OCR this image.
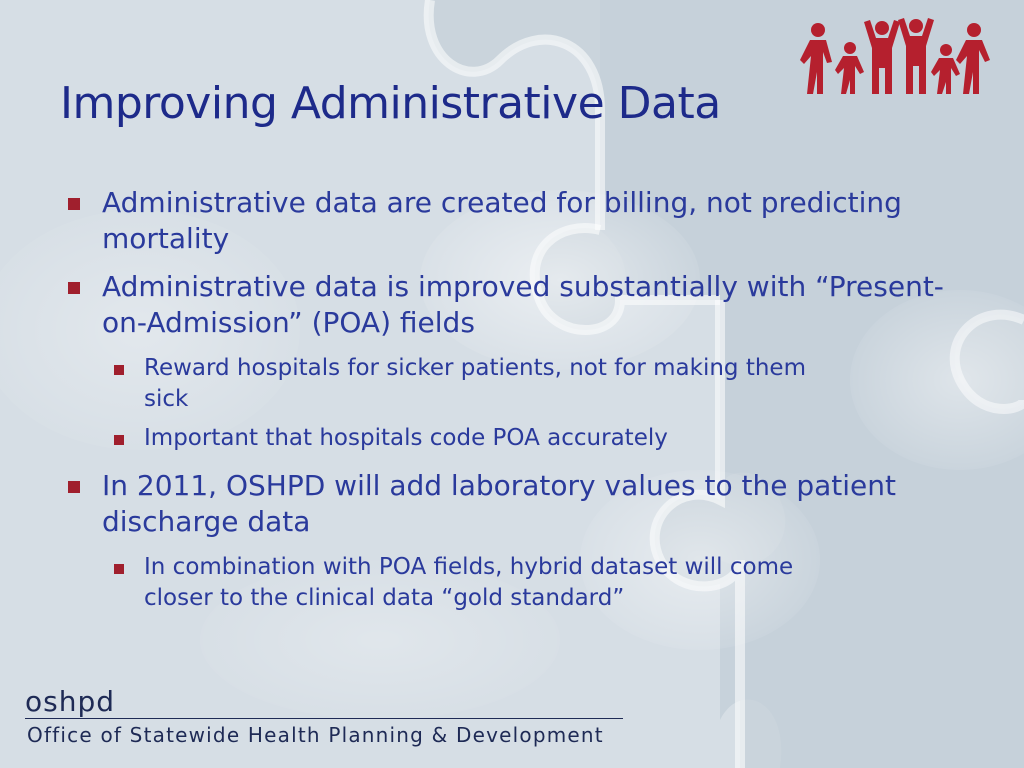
Improving Administrative Data
Administrative data are created for billing, not predicting mortality
Administrative data is improved substantially with “Present-on-Admission” (POA) fields
Reward hospitals for sicker patients, not for making them sick
Important that hospitals code POA accurately
In 2011, OSHPD will add laboratory values to the patient discharge data
In combination with POA fields, hybrid dataset will come closer to the clinical data “gold standard”
oshpd
Office of Statewide Health Planning & Development
